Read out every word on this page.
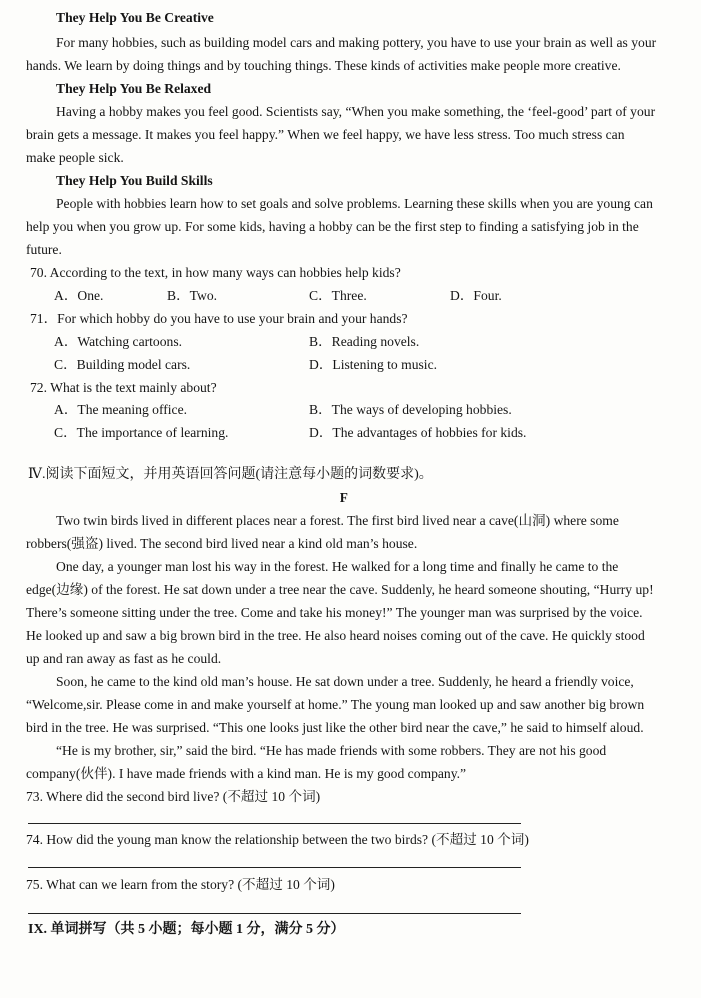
They Help You Be Creative
For many hobbies, such as building model cars and making pottery, you have to use your brain as well as your
hands. We learn by doing things and by touching things. These kinds of activities make people more creative.
They Help You Be Relaxed
Having a hobby makes you feel good. Scientists say, “When you make something, the ‘feel-good’ part of your
brain gets a message. It makes you feel happy.” When we feel happy, we have less stress. Too much stress can
make people sick.
They Help You Build Skills
People with hobbies learn how to set goals and solve problems. Learning these skills when you are young can
help you when you grow up. For some kids, having a hobby can be the first step to finding a satisfying job in the
future.
70. According to the text, in how many ways can hobbies help kids?
A．One.	B．Two.	C．Three.	D．Four.
71．For which hobby do you have to use your brain and your hands?
A．Watching cartoons.	B．Reading novels.
C．Building model cars.	D．Listening to music.
72. What is the text mainly about?
A．The meaning office.	B．The ways of developing hobbies.
C．The importance of learning.	D．The advantages of hobbies for kids.
Ⅳ.阅读下面短文，并用英语回答问题(请注意每小题的词数要求)。
F
Two twin birds lived in different places near a forest. The first bird lived near a cave(山洞) where some
robbers(强盗) lived. The second bird lived near a kind old man’s house.
One day, a younger man lost his way in the forest. He walked for a long time and finally he came to the
edge(边缘) of the forest. He sat down under a tree near the cave. Suddenly, he heard someone shouting, “Hurry up!
There’s someone sitting under the tree. Come and take his money!” The younger man was surprised by the voice.
He looked up and saw a big brown bird in the tree. He also heard noises coming out of the cave. He quickly stood
up and ran away as fast as he could.
Soon, he came to the kind old man’s house. He sat down under a tree. Suddenly, he heard a friendly voice,
“Welcome,sir. Please come in and make yourself at home.” The young man looked up and saw another big brown
bird in the tree. He was surprised. “This one looks just like the other bird near the cave,” he said to himself aloud.
“He is my brother, sir,” said the bird. “He has made friends with some robbers. They are not his good
company(伙伴). I have made friends with a kind man. He is my good company.”
73. Where did the second bird live? (不超过 10 个词)
74. How did the young man know the relationship between the two birds? (不超过 10 个词)
75. What can we learn from the story? (不超过 10 个词)
IX. 单词拼写（共 5 小题；每小题 1 分，满分 5 分）
